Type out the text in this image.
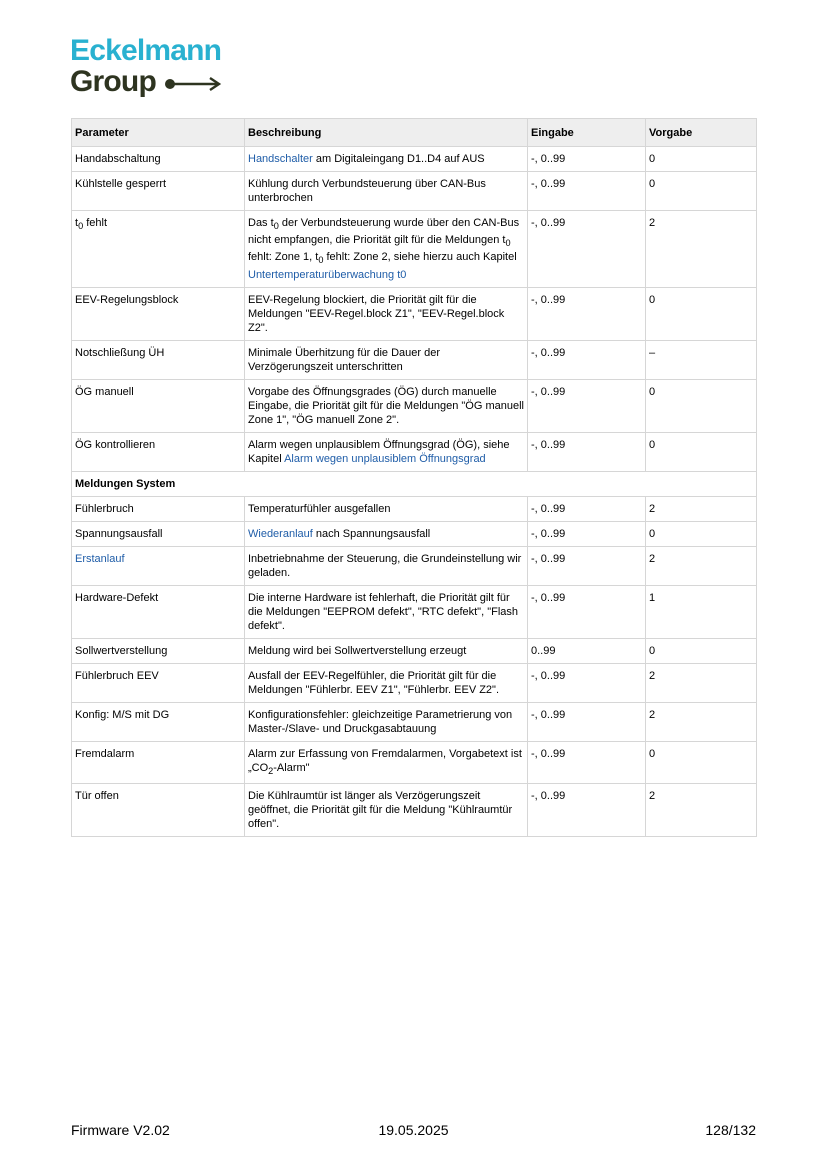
Eckelmann
Group
Parameter	Beschreibung	Eingabe	Vorgabe
Handabschaltung	Handschalter am Digitaleingang D1..D4 auf AUS	-, 0..99	0
Kühlstelle gesperrt	Kühlung durch Verbundsteuerung über CAN-Bus unterbrochen	-, 0..99	0
$t_0$ fehlt	Das $t_0$ der Verbundsteuerung wurde über den CAN-Bus nicht empfangen, die Priorität gilt für die Meldungen $t_0$ fehlt: Zone 1, $t_0$ fehlt: Zone 2, siehe hierzu auch Kapitel Untertemperaturüberwachung t0	-, 0..99	2
EEV-Regelungsblock	EEV-Regelung blockiert, die Priorität gilt für die Meldungen "EEV-Regel.block Z1", "EEV-Regel.block Z2".	-, 0..99	0
Notschließung ÜH	Minimale Überhitzung für die Dauer der Verzögerungszeit unterschritten	-, 0..99	–
ÖG manuell	Vorgabe des Öffnungsgrades (ÖG) durch manuelle Eingabe, die Priorität gilt für die Meldungen "ÖG manuell Zone 1", "ÖG manuell Zone 2".	-, 0..99	0
ÖG kontrollieren	Alarm wegen unplausiblem Öffnungsgrad (ÖG), siehe Kapitel Alarm wegen unplausiblem Öffnungsgrad	-, 0..99	0
Meldungen System			
Fühlerbruch	Temperaturfühler ausgefallen	-, 0..99	2
Spannungsausfall	Wiederanlauf nach Spannungsausfall	-, 0..99	0
Erstanlauf	Inbetriebnahme der Steuerung, die Grundeinstellung wir geladen.	-, 0..99	2
Hardware-Defekt	Die interne Hardware ist fehlerhaft, die Priorität gilt für die Meldungen "EEPROM defekt", "RTC defekt", "Flash defekt".	-, 0..99	1
Sollwertverstellung	Meldung wird bei Sollwertverstellung erzeugt	0..99	0
Fühlerbruch EEV	Ausfall der EEV-Regelfühler, die Priorität gilt für die Meldungen "Fühlerbr. EEV Z1", "Fühlerbr. EEV Z2".	-, 0..99	2
Konfig: M/S mit DG	Konfigurationsfehler: gleichzeitige Parametrierung von Master-/Slave- und Druckgasabtauung	-, 0..99	2
Fremdalarm	Alarm zur Erfassung von Fremdalarmen, Vorgabetext ist $„CO_2$-Alarm"	-, 0..99	0
Tür offen	Die Kühlraumtür ist länger als Verzögerungszeit geöffnet, die Priorität gilt für die Meldung "Kühlraumtür offen".	-, 0..99	2
Firmware V2.02	19.05.2025	128/132
